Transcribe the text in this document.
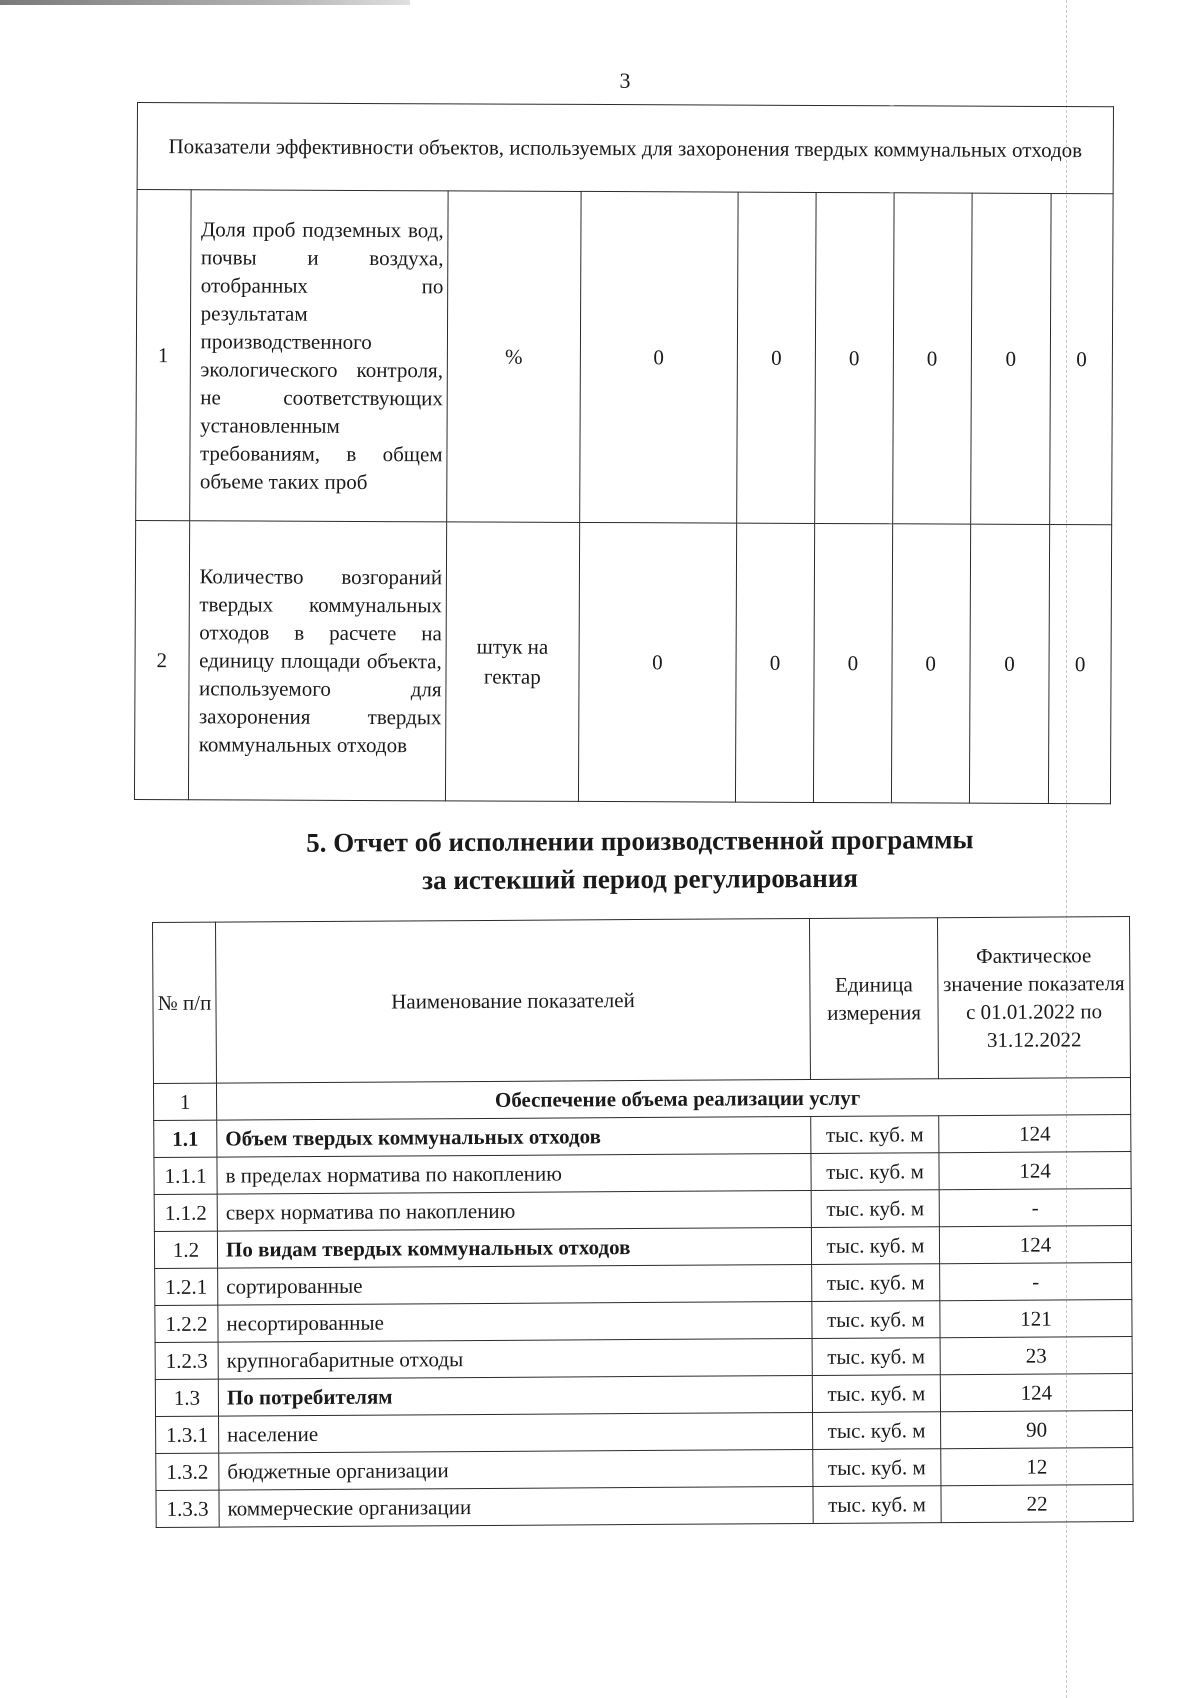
3
Показатели эффективности объектов, используемых для захоронения твердых коммунальных отходов								
1	Доля проб подземных вод, почвы и воздуха, отобранных по результатам производственного экологического контроля, не соответствующих установленным требованиям, в общем объеме таких проб	%	0	0	0	0	0	0
2	Количество возгораний твердых коммунальных отходов в расчете на единицу площади объекта, используемого для захоронения твердых коммунальных отходов	штук на гектар	0	0	0	0	0	0
5. Отчет об исполнении производственной программы
за истекший период регулирования
№ п/п	Наименование показателей	Единица измерения	Фактическое значение показателя с 01.01.2022 по 31.12.2022
1	Обеспечение объема реализации услуг		
1.1	Объем твердых коммунальных отходов	тыс. куб. м	124
1.1.1	в пределах норматива по накоплению	тыс. куб. м	124
1.1.2	сверх норматива по накоплению	тыс. куб. м	-
1.2	По видам твердых коммунальных отходов	тыс. куб. м	124
1.2.1	сортированные	тыс. куб. м	-
1.2.2	несортированные	тыс. куб. м	121
1.2.3	крупногабаритные отходы	тыс. куб. м	23
1.3	По потребителям	тыс. куб. м	124
1.3.1	население	тыс. куб. м	90
1.3.2	бюджетные организации	тыс. куб. м	12
1.3.3	коммерческие организации	тыс. куб. м	22
